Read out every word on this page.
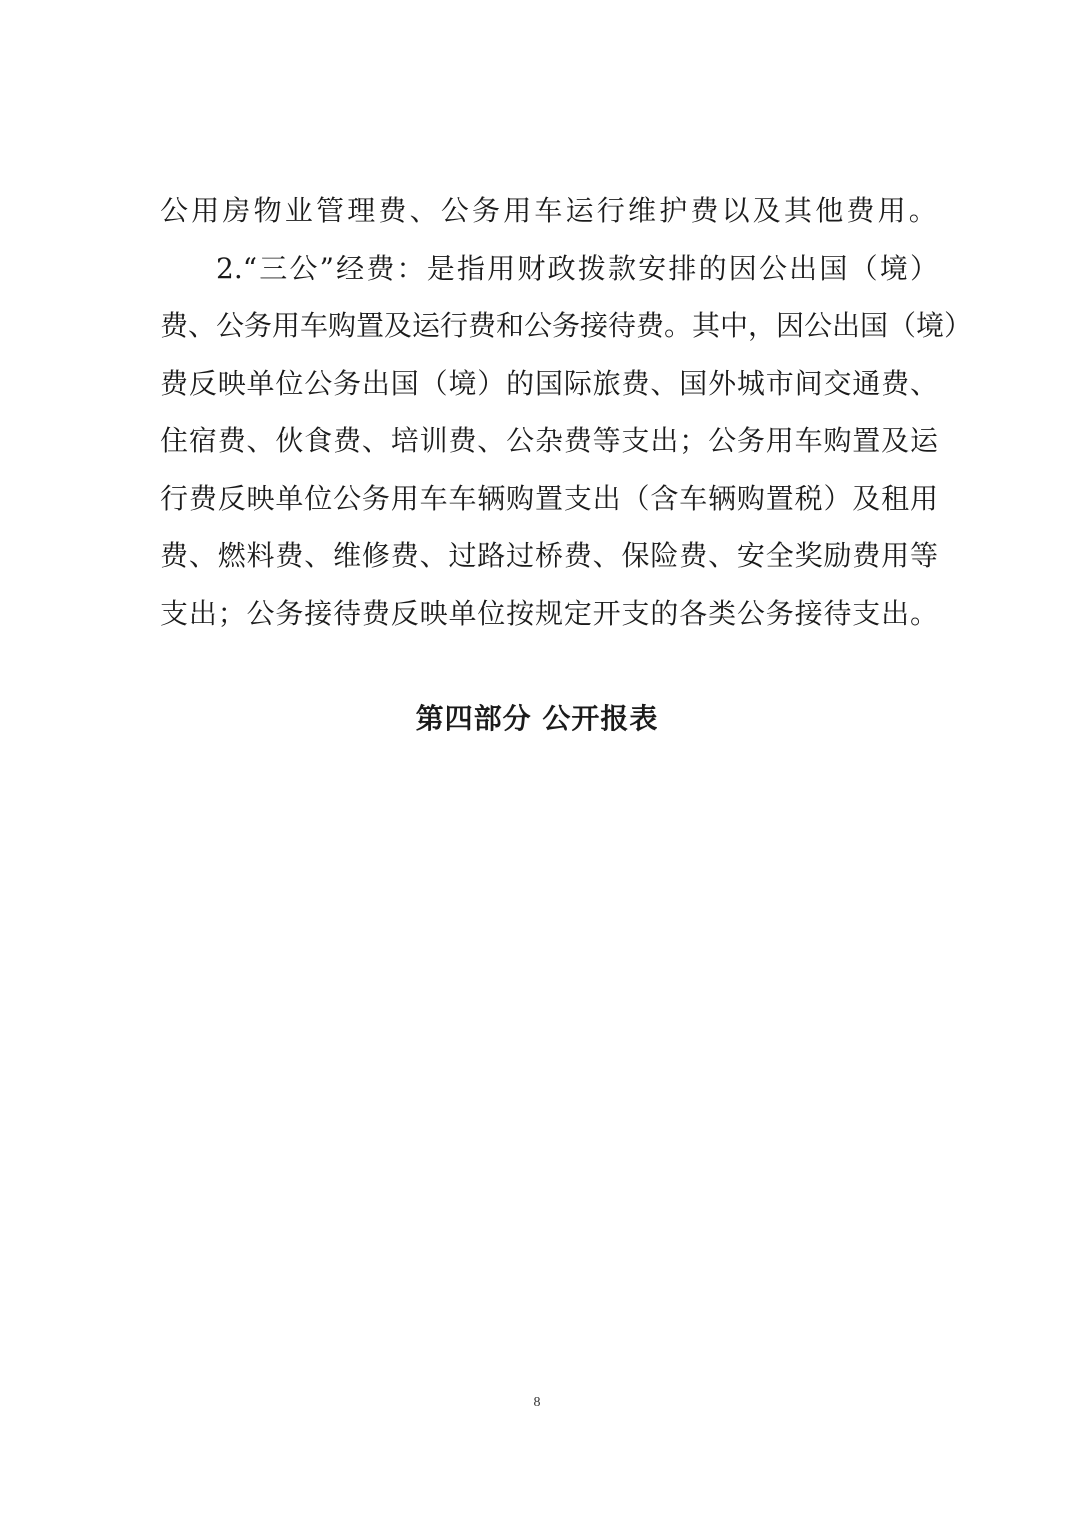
公用房物业管理费、公务用车运行维护费以及其他费用。
2.“三公”经费：是指用财政拨款安排的因公出国（境）
费、公务用车购置及运行费和公务接待费。其中，因公出国（境）
费反映单位公务出国（境）的国际旅费、国外城市间交通费、
住宿费、伙食费、培训费、公杂费等支出；公务用车购置及运
行费反映单位公务用车车辆购置支出（含车辆购置税）及租用
费、燃料费、维修费、过路过桥费、保险费、安全奖励费用等
支出；公务接待费反映单位按规定开支的各类公务接待支出。
第四部分 公开报表
8
